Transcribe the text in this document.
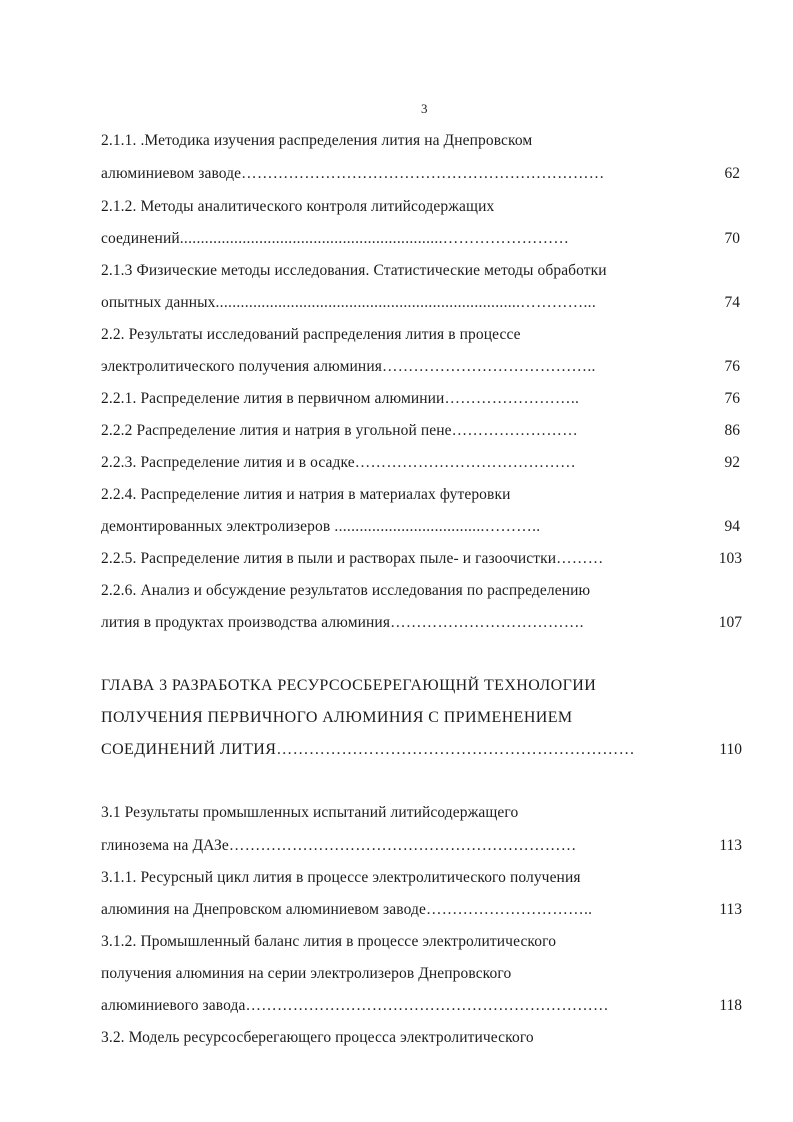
3
2.1.1. .Методика изучения распределения лития на Днепровском
алюминиевом заводе……………………………………………………………	62
2.1.2. Методы аналитического контроля литийсодержащих
соединений...............................................................……………………	70
2.1.3 Физические методы исследования. Статистические методы обработки
опытных данных.........................................................................…………...	74
2.2. Результаты исследований распределения лития в процессе
электролитического получения алюминия…………………………………..	76
2.2.1. Распределение лития в первичном алюминии……………………..	76
2.2.2 Распределение лития и натрия в угольной пене……………………	86
2.2.3. Распределение лития и в осадке……………………………………	92
2.2.4. Распределение лития и натрия в материалах футеровки
демонтированных электролизеров ....................................………..	94
2.2.5. Распределение лития в пыли и растворах пыле- и газоочистки………	103
2.2.6. Анализ и обсуждение результатов исследования по распределению
лития в продуктах производства алюминия……………………………….	107
ГЛАВА 3 РАЗРАБОТКА РЕСУРСОСБЕРЕГАЮЩНЙ ТЕХНОЛОГИИ
ПОЛУЧЕНИЯ ПЕРВИЧНОГО АЛЮМИНИЯ С ПРИМЕНЕНИЕМ
СОЕДИНЕНИЙ ЛИТИЯ…………………………………………………………	110
3.1 Результаты промышленных испытаний литийсодержащего
глинозема на ДАЗе…………………………………………………………	113
3.1.1. Ресурсный цикл лития в процессе электролитического получения
алюминия на Днепровском алюминиевом заводе…………………………..	113
3.1.2. Промышленный баланс лития в процессе электролитического
получения алюминия на серии электролизеров Днепровского
алюминиевого завода……………………………………………………………	118
3.2. Модель ресурсосберегающего процесса электролитического
